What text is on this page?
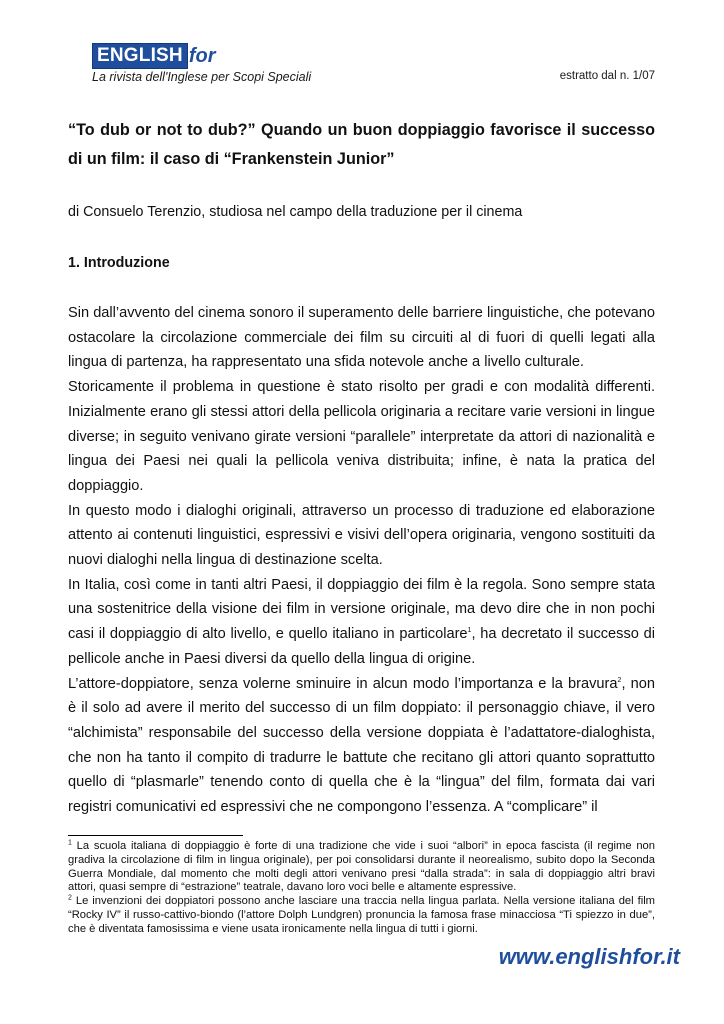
ENGLISH for
La rivista dell'Inglese per Scopi Speciali	estratto dal n. 1/07
“To dub or not to dub?” Quando un buon doppiaggio favorisce il successo di un film: il caso di “Frankenstein Junior”

di Consuelo Terenzio, studiosa nel campo della traduzione per il cinema

1. Introduzione

Sin dall’avvento del cinema sonoro il superamento delle barriere linguistiche, che potevano ostacolare la circolazione commerciale dei film su circuiti al di fuori di quelli legati alla lingua di partenza, ha rappresentato una sfida notevole anche a livello culturale.

Storicamente il problema in questione è stato risolto per gradi e con modalità differenti. Inizialmente erano gli stessi attori della pellicola originaria a recitare varie versioni in lingue diverse; in seguito venivano girate versioni “parallele” interpretate da attori di nazionalità e lingua dei Paesi nei quali la pellicola veniva distribuita; infine, è nata la pratica del doppiaggio.

In questo modo i dialoghi originali, attraverso un processo di traduzione ed elaborazione attento ai contenuti linguistici, espressivi e visivi dell’opera originaria, vengono sostituiti da nuovi dialoghi nella lingua di destinazione scelta.

In Italia, così come in tanti altri Paesi, il doppiaggio dei film è la regola. Sono sempre stata una sostenitrice della visione dei film in versione originale, ma devo dire che in non pochi casi il doppiaggio di alto livello, e quello italiano in particolare$^1$, ha decretato il successo di pellicole anche in Paesi diversi da quello della lingua di origine.

L’attore-doppiatore, senza volerne sminuire in alcun modo l’importanza e la bravura$^2$, non è il solo ad avere il merito del successo di un film doppiato: il personaggio chiave, il vero “alchimista” responsabile del successo della versione doppiata è l’adattatore-dialoghista, che non ha tanto il compito di tradurre le battute che recitano gli attori quanto soprattutto quello di “plasmarle” tenendo conto di quella che è la “lingua” del film, formata dai vari registri comunicativi ed espressivi che ne compongono l’essenza. A “complicare” il

$^1$ La scuola italiana di doppiaggio è forte di una tradizione che vide i suoi “albori” in epoca fascista (il regime non gradiva la circolazione di film in lingua originale), per poi consolidarsi durante il neorealismo, subito dopo la Seconda Guerra Mondiale, dal momento che molti degli attori venivano presi “dalla strada”: in sala di doppiaggio altri bravi attori, quasi sempre di “estrazione” teatrale, davano loro voci belle e altamente espressive.

$^2$ Le invenzioni dei doppiatori possono anche lasciare una traccia nella lingua parlata. Nella versione italiana del film “Rocky IV” il russo-cattivo-biondo (l’attore Dolph Lundgren) pronuncia la famosa frase minacciosa “Ti spiezzo in due”, che è diventata famosissima e viene usata ironicamente nella lingua di tutti i giorni.

www.englishfor.it
